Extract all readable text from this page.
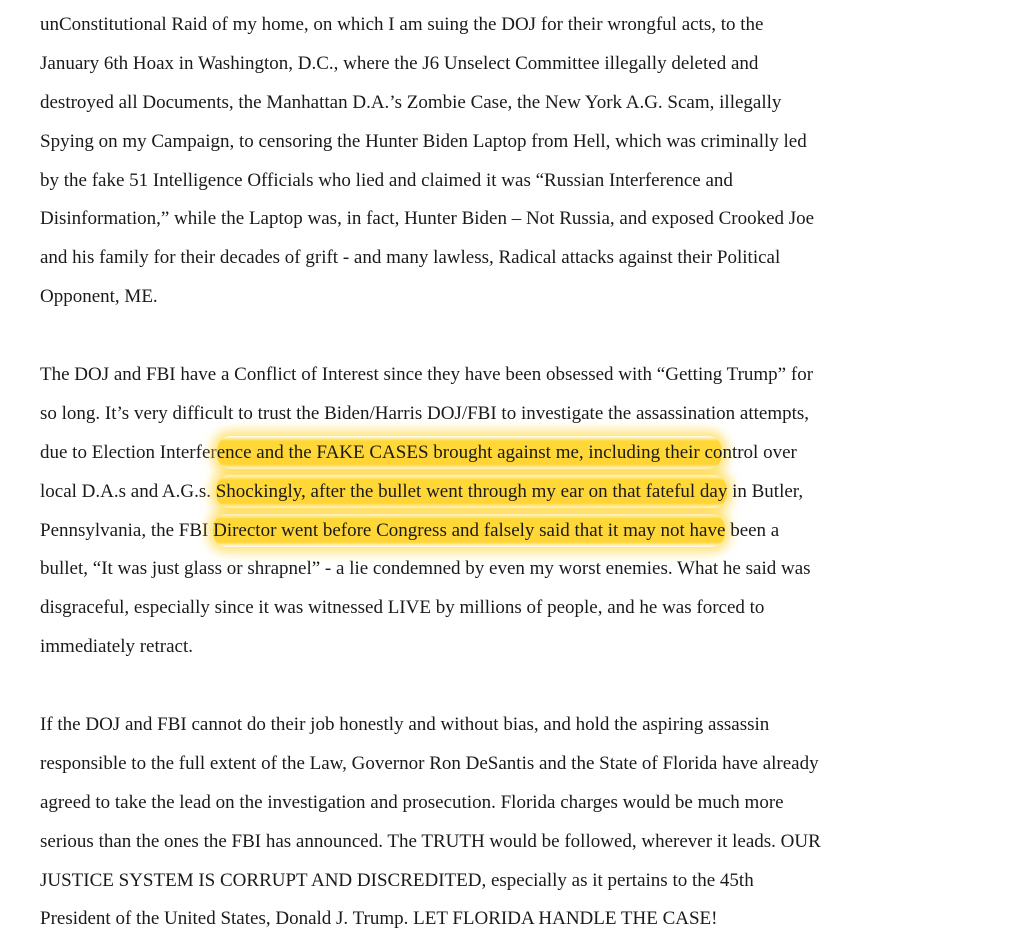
unConstitutional Raid of my home, on which I am suing the DOJ for their wrongful acts, to the
January 6th Hoax in Washington, D.C., where the J6 Unselect Committee illegally deleted and
destroyed all Documents, the Manhattan D.A.’s Zombie Case, the New York A.G. Scam, illegally
Spying on my Campaign, to censoring the Hunter Biden Laptop from Hell, which was criminally led
by the fake 51 Intelligence Officials who lied and claimed it was “Russian Interference and
Disinformation,” while the Laptop was, in fact, Hunter Biden – Not Russia, and exposed Crooked Joe
and his family for their decades of grift - and many lawless, Radical attacks against their Political
Opponent, ME.
The DOJ and FBI have a Conflict of Interest since they have been obsessed with “Getting Trump” for
so long. It’s very difficult to trust the Biden/Harris DOJ/FBI to investigate the assassination attempts,
due to Election Interference and the FAKE CASES brought against me, including their control over
local D.A.s and A.G.s. Shockingly, after the bullet went through my ear on that fateful day in Butler,
Pennsylvania, the FBI Director went before Congress and falsely said that it may not have been a
bullet, “It was just glass or shrapnel” - a lie condemned by even my worst enemies. What he said was
disgraceful, especially since it was witnessed LIVE by millions of people, and he was forced to
immediately retract.
If the DOJ and FBI cannot do their job honestly and without bias, and hold the aspiring assassin
responsible to the full extent of the Law, Governor Ron DeSantis and the State of Florida have already
agreed to take the lead on the investigation and prosecution. Florida charges would be much more
serious than the ones the FBI has announced. The TRUTH would be followed, wherever it leads. OUR
JUSTICE SYSTEM IS CORRUPT AND DISCREDITED, especially as it pertains to the 45th
President of the United States, Donald J. Trump. LET FLORIDA HANDLE THE CASE!
